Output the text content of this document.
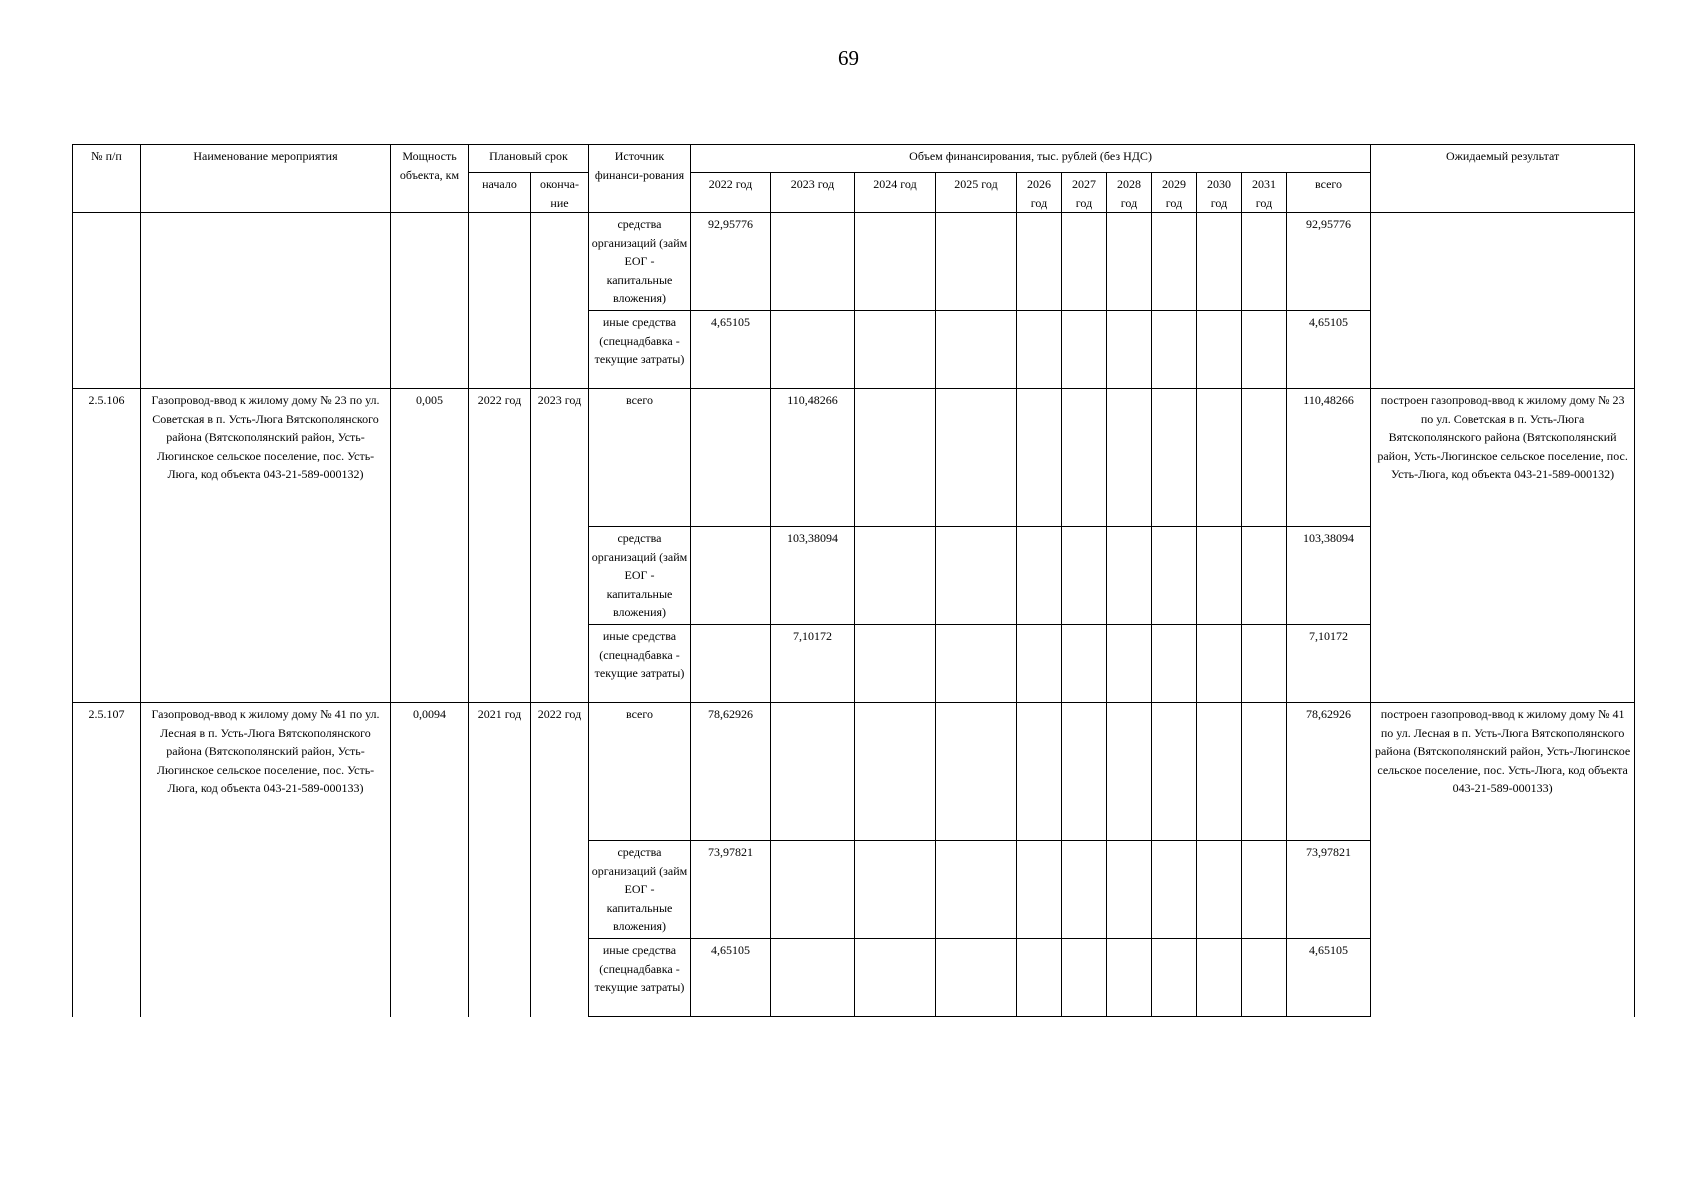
69
№ п/п	Наименование мероприятия	Мощность объекта, км	Плановый срок		Источник финанси-рования	Объем финансирования, тыс. рублей (без НДС)											Ожидаемый результат
			начало	оконча-ние		2022 год	2023 год	2024 год	2025 год	2026 год	2027 год	2028 год	2029 год	2030 год	2031 год	всего	
					средства организаций (займ ЕОГ - капитальные вложения)	92,95776										92,95776	
					иные средства (спецнадбавка - текущие затраты)	4,65105										4,65105	
2.5.106	Газопровод-ввод к жилому дому № 23 по ул. Советская в п. Усть-Люга Вятскополянского района (Вятскополянский район, Усть-Люгинское сельское поселение, пос. Усть-Люга, код объекта 043-21-589-000132)	0,005	2022 год	2023 год	всего		110,48266									110,48266	построен газопровод-ввод к жилому дому № 23 по ул. Советская в п. Усть-Люга Вятскополянского района (Вятскополянский район, Усть-Люгинское сельское поселение, пос. Усть-Люга, код объекта 043-21-589-000132)
					средства организаций (займ ЕОГ - капитальные вложения)		103,38094									103,38094	
					иные средства (спецнадбавка - текущие затраты)		7,10172									7,10172	
2.5.107	Газопровод-ввод к жилому дому № 41 по ул. Лесная в п. Усть-Люга Вятскополянского района (Вятскополянский район, Усть-Люгинское сельское поселение, пос. Усть-Люга, код объекта 043-21-589-000133)	0,0094	2021 год	2022 год	всего	78,62926										78,62926	построен газопровод-ввод к жилому дому № 41 по ул. Лесная в п. Усть-Люга Вятскополянского района (Вятскополянский район, Усть-Люгинское сельское поселение, пос. Усть-Люга, код объекта 043-21-589-000133)
					средства организаций (займ ЕОГ - капитальные вложения)	73,97821										73,97821	
					иные средства (спецнадбавка - текущие затраты)	4,65105										4,65105	
